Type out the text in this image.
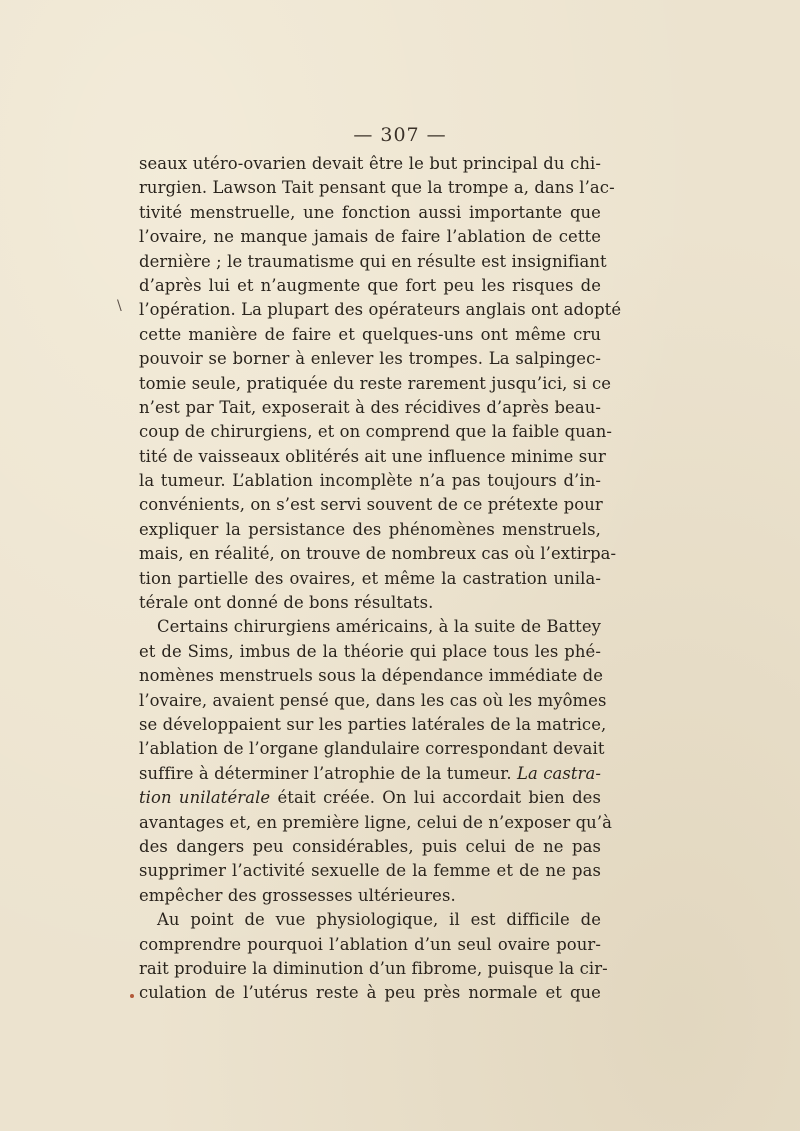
— 307 —
\
seaux utéro-ovarien devait être le but principal du chi-
rurgien. Lawson Tait pensant que la trompe a, dans l’ac-
tivité menstruelle, une fonction aussi importante que
l’ovaire, ne manque jamais de faire l’ablation de cette
dernière ; le traumatisme qui en résulte est insignifiant
d’après lui et n’augmente que fort peu les risques de
l’opération. La plupart des opérateurs anglais ont adopté
cette manière de faire et quelques-uns ont même cru
pouvoir se borner à enlever les trompes. La salpingec-
tomie seule, pratiquée du reste rarement jusqu’ici, si ce
n’est par Tait, exposerait à des récidives d’après beau-
coup de chirurgiens, et on comprend que la faible quan-
tité de vaisseaux oblitérés ait une influence minime sur
la tumeur. L’ablation incomplète n’a pas toujours d’in-
convénients, on s’est servi souvent de ce prétexte pour
expliquer la persistance des phénomènes menstruels,
mais, en réalité, on trouve de nombreux cas où l’extirpa-
tion partielle des ovaires, et même la castration unila-
térale ont donné de bons résultats.
Certains chirurgiens américains, à la suite de Battey
et de Sims, imbus de la théorie qui place tous les phé-
nomènes menstruels sous la dépendance immédiate de
l’ovaire, avaient pensé que, dans les cas où les myômes
se développaient sur les parties latérales de la matrice,
l’ablation de l’organe glandulaire correspondant devait
suffire à déterminer l’atrophie de la tumeur. La castra-
tion unilatérale était créée. On lui accordait bien des
avantages et, en première ligne, celui de n’exposer qu’à
des dangers peu considérables, puis celui de ne pas
supprimer l’activité sexuelle de la femme et de ne pas
empêcher des grossesses ultérieures.
Au point de vue physiologique, il est difficile de
comprendre pourquoi l’ablation d’un seul ovaire pour-
rait produire la diminution d’un fibrome, puisque la cir-
culation de l’utérus reste à peu près normale et que
